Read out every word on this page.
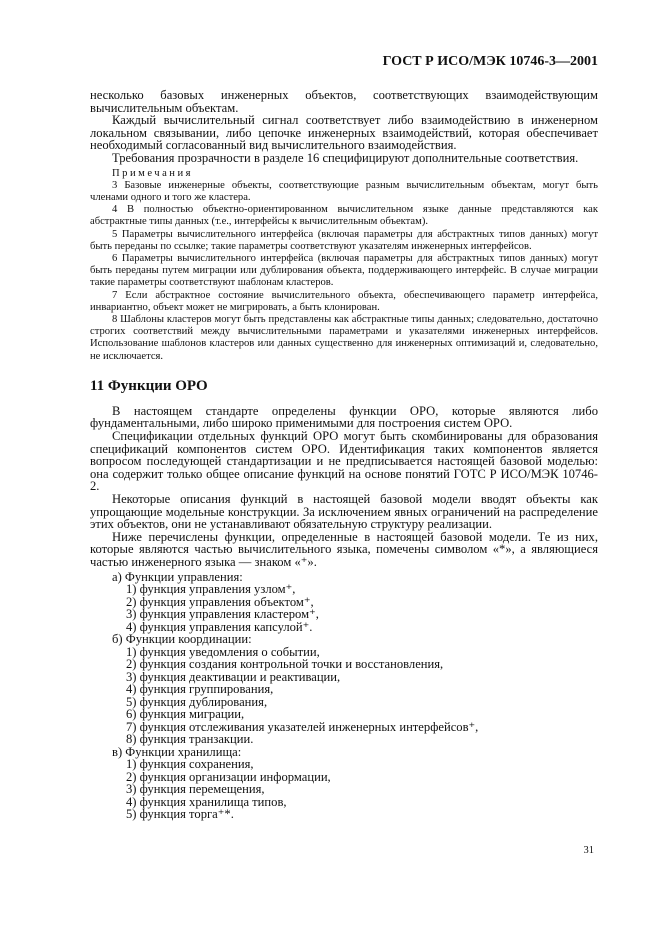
ГОСТ Р ИСО/МЭК 10746-3—2001

несколько базовых инженерных объектов, соответствующих взаимодействующим вычислительным объектам.

Каждый вычислительный сигнал соответствует либо взаимодействию в инженерном локальном связывании, либо цепочке инженерных взаимодействий, которая обеспечивает необходимый согласованный вид вычислительного взаимодействия.

Требования прозрачности в разделе 16 специфицируют дополнительные соответствия.

Примечания

3 Базовые инженерные объекты, соответствующие разным вычислительным объектам, могут быть членами одного и того же кластера.

4 В полностью объектно-ориентированном вычислительном языке данные представляются как абстрактные типы данных (т.е., интерфейсы к вычислительным объектам).

5 Параметры вычислительного интерфейса (включая параметры для абстрактных типов данных) могут быть переданы по ссылке; такие параметры соответствуют указателям инженерных интерфейсов.

6 Параметры вычислительного интерфейса (включая параметры для абстрактных типов данных) могут быть переданы путем миграции или дублирования объекта, поддерживающего интерфейс. В случае миграции такие параметры соответствуют шаблонам кластеров.

7 Если абстрактное состояние вычислительного объекта, обеспечивающего параметр интерфейса, инвариантно, объект может не мигрировать, а быть клонирован.

8 Шаблоны кластеров могут быть представлены как абстрактные типы данных; следовательно, достаточно строгих соответствий между вычислительными параметрами и указателями инженерных интерфейсов. Использование шаблонов кластеров или данных существенно для инженерных оптимизаций и, следовательно, не исключается.

11 Функции ОРО

В настоящем стандарте определены функции ОРО, которые являются либо фундаментальными, либо широко применимыми для построения систем ОРО.

Спецификации отдельных функций ОРО могут быть скомбинированы для образования спецификаций компонентов систем ОРО. Идентификация таких компонентов является вопросом последующей стандартизации и не предписывается настоящей базовой моделью: она содержит только общее описание функций на основе понятий ГОТС Р ИСО/МЭК 10746-2.

Некоторые описания функций в настоящей базовой модели вводят объекты как упрощающие модельные конструкции. За исключением явных ограничений на распределение этих объектов, они не устанавливают обязательную структуру реализации.

Ниже перечислены функции, определенные в настоящей базовой модели. Те из них, которые являются частью вычислительного языка, помечены символом «*», а являющиеся частью инженерного языка — знаком «⁺».

а) Функции управления:
1) функция управления узлом⁺,
2) функция управления объектом⁺,
3) функция управления кластером⁺,
4) функция управления капсулой⁺.
б) Функции координации:
1) функция уведомления о событии,
2) функция создания контрольной точки и восстановления,
3) функция деактивации и реактивации,
4) функция группирования,
5) функция дублирования,
6) функция миграции,
7) функция отслеживания указателей инженерных интерфейсов⁺,
8) функция транзакции.
в) Функции хранилища:
1) функция сохранения,
2) функция организации информации,
3) функция перемещения,
4) функция хранилища типов,
5) функция торга⁺*.
31
